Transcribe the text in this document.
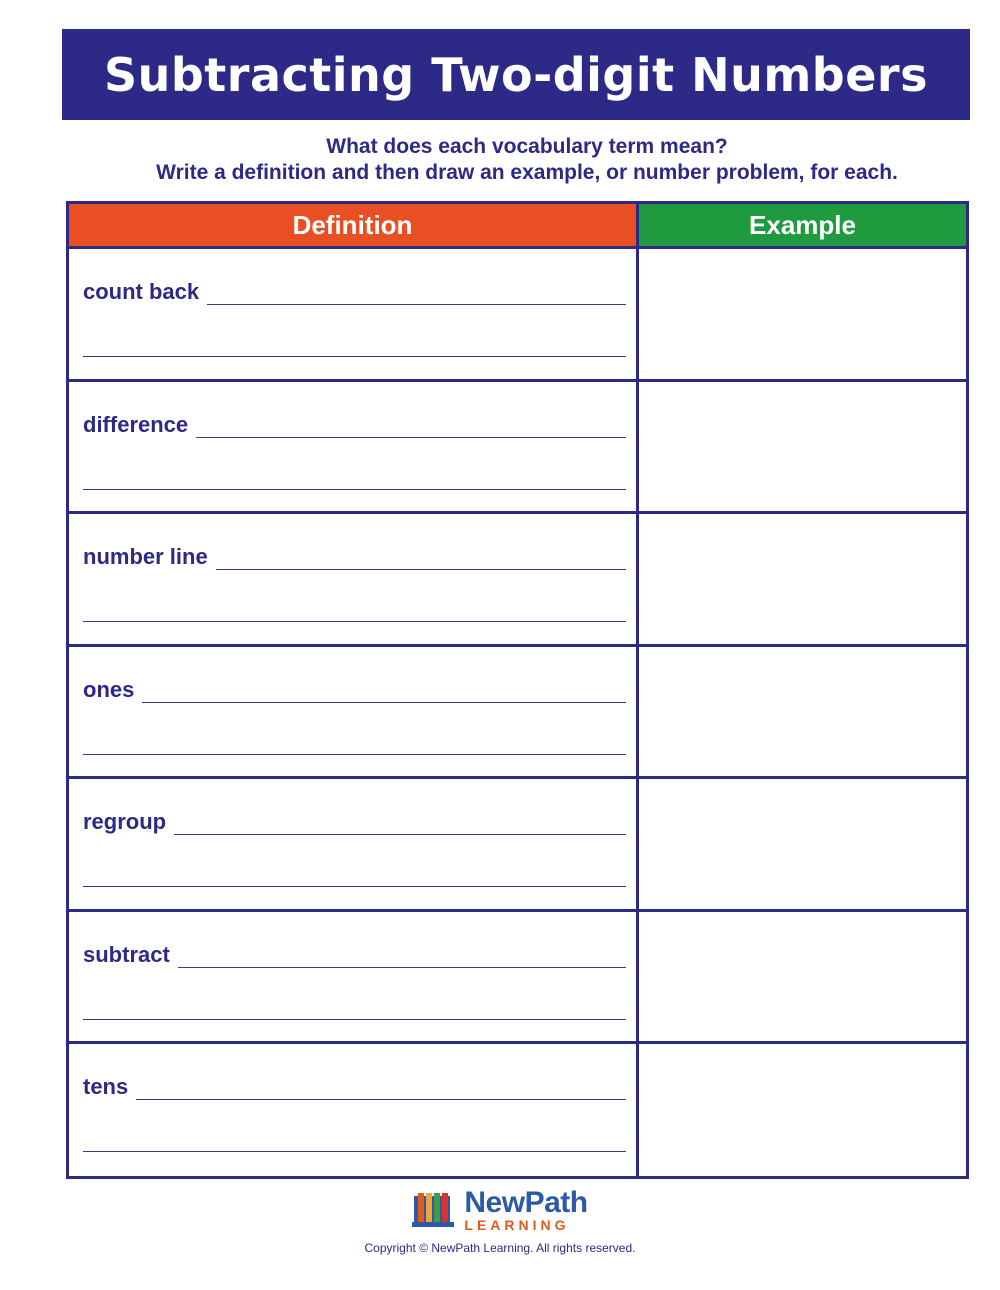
Subtracting Two-digit Numbers
What does each vocabulary term mean?
Write a definition and then draw an example, or number problem, for each.
Definition	Example
count back
difference
number line
ones
regroup
subtract
tens
NewPath
LEARNING
Copyright © NewPath Learning. All rights reserved.
